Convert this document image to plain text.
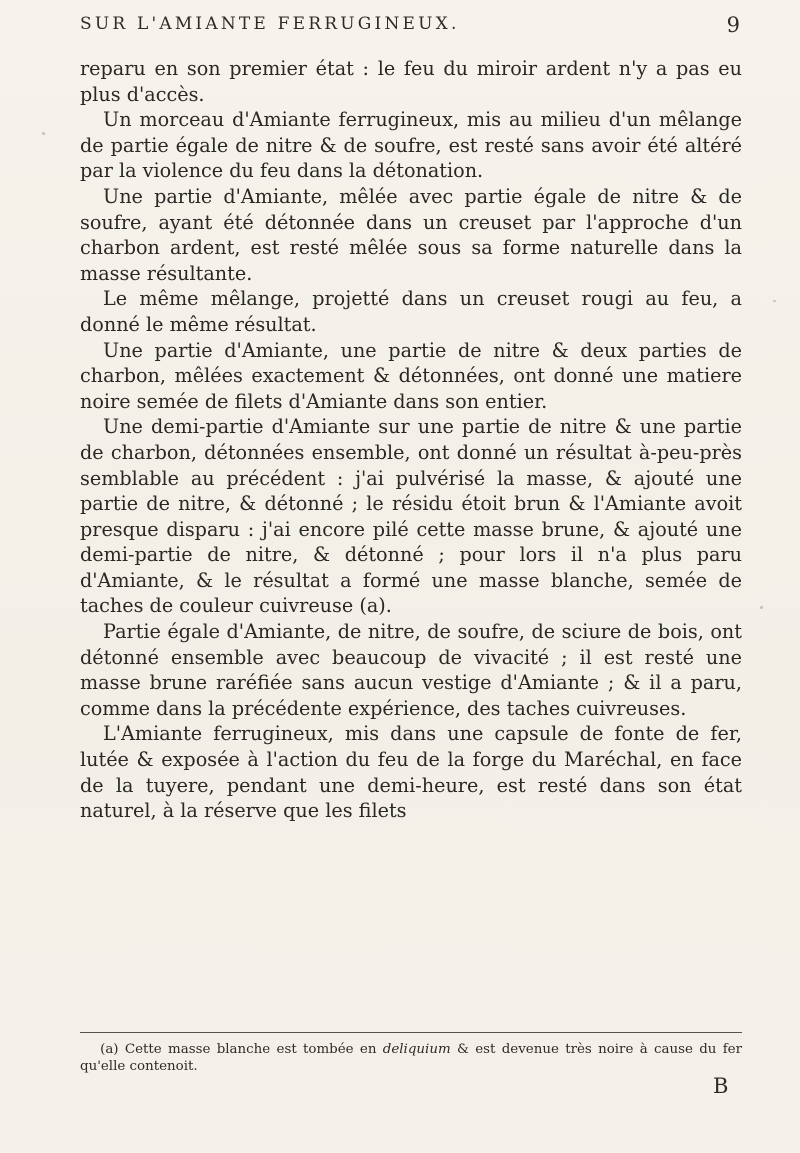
SUR L'AMIANTE FERRUGINEUX.	9

reparu en son premier état : le feu du miroir ardent n'y a pas eu plus d'accès.

Un morceau d'Amiante ferrugineux, mis au milieu d'un mêlange de partie égale de nitre & de soufre, est resté sans avoir été altéré par la violence du feu dans la détonation.

Une partie d'Amiante, mêlée avec partie égale de nitre & de soufre, ayant été détonnée dans un creuset par l'approche d'un charbon ardent, est resté mêlée sous sa forme naturelle dans la masse résultante.

Le même mêlange, projetté dans un creuset rougi au feu, a donné le même résultat.

Une partie d'Amiante, une partie de nitre & deux parties de charbon, mêlées exactement & détonnées, ont donné une matiere noire semée de filets d'Amiante dans son entier.

Une demi-partie d'Amiante sur une partie de nitre & une partie de charbon, détonnées ensemble, ont donné un résultat à-peu-près semblable au précédent : j'ai pulvérisé la masse, & ajouté une partie de nitre, & détonné ; le résidu étoit brun & l'Amiante avoit presque disparu : j'ai encore pilé cette masse brune, & ajouté une demi-partie de nitre, & détonné ; pour lors il n'a plus paru d'Amiante, & le résultat a formé une masse blanche, semée de taches de couleur cuivreuse (a).

Partie égale d'Amiante, de nitre, de soufre, de sciure de bois, ont détonné ensemble avec beaucoup de vivacité ; il est resté une masse brune raréfiée sans aucun vestige d'Amiante ; & il a paru, comme dans la précédente expérience, des taches cuivreuses.

L'Amiante ferrugineux, mis dans une capsule de fonte de fer, lutée & exposée à l'action du feu de la forge du Maréchal, en face de la tuyere, pendant une demi-heure, est resté dans son état naturel, à la réserve que les filets

(a) Cette masse blanche est tombée en deliquium & est devenue très noire à cause du fer qu'elle contenoit.
B
